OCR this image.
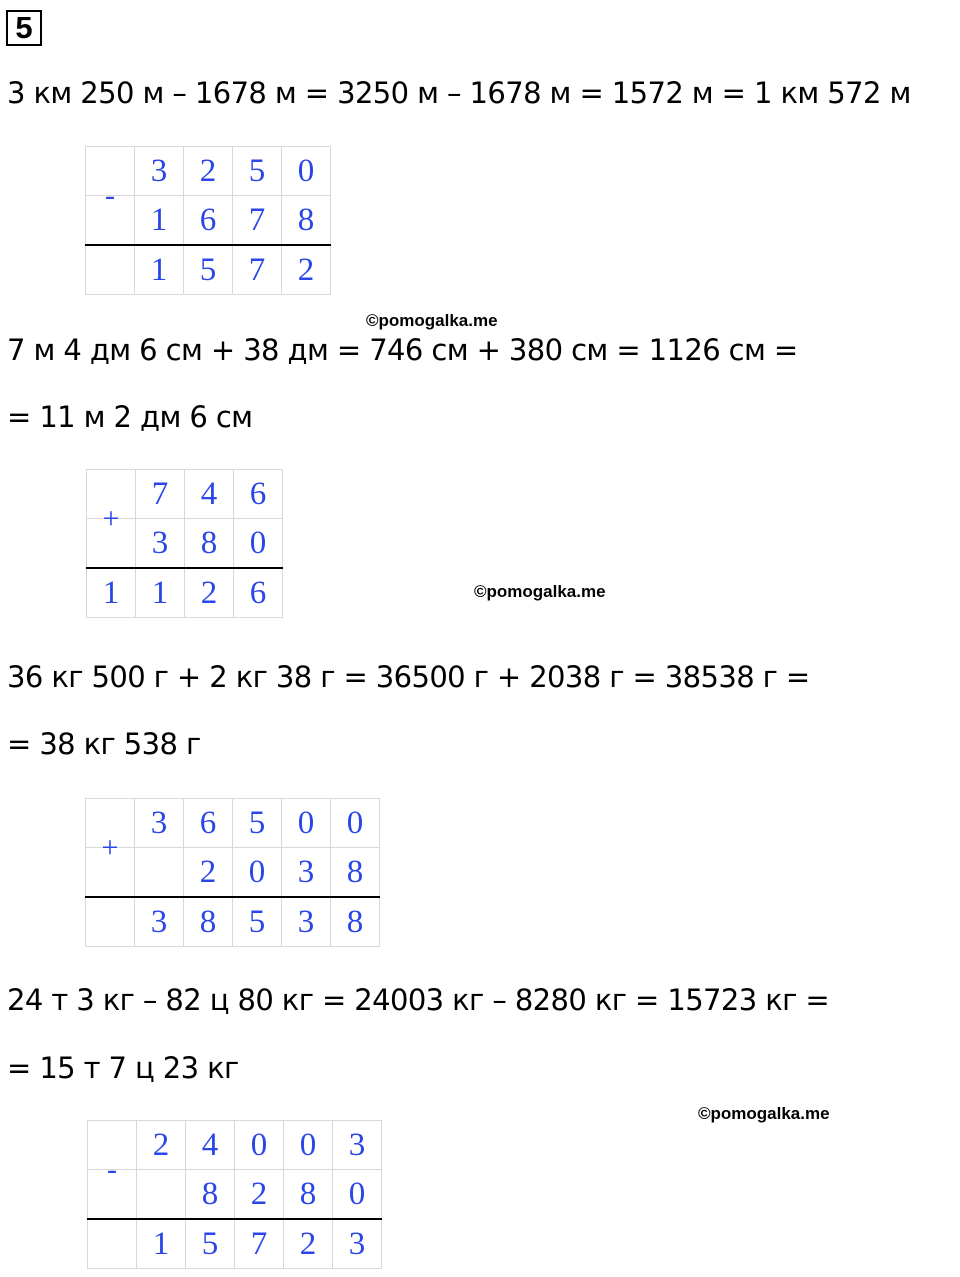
5
3 км 250 м – 1678 м = 3250 м – 1678 м = 1572 м = 1 км 572 м
	3	2	5	0
-	1	6	7	8
	1	5	7	2
©pomogalka.me
7 м 4 дм 6 см + 38 дм = 746 см + 380 см = 1126 см =
= 11 м 2 дм 6 см
	7	4	6
+	3	8	0
1	1	2	6	©pomogalka.me
36 кг 500 г + 2 кг 38 г = 36500 г + 2038 г = 38538 г =
= 38 кг 538 г
	3	6	5	0	0
+		2	0	3	8
	3	8	5	3	8
24 т 3 кг – 82 ц 80 кг = 24003 кг – 8280 кг = 15723 кг =
= 15 т 7 ц 23 кг
©pomogalka.me
	2	4	0	0	3
-		8	2	8	0
	1	5	7	2	3
